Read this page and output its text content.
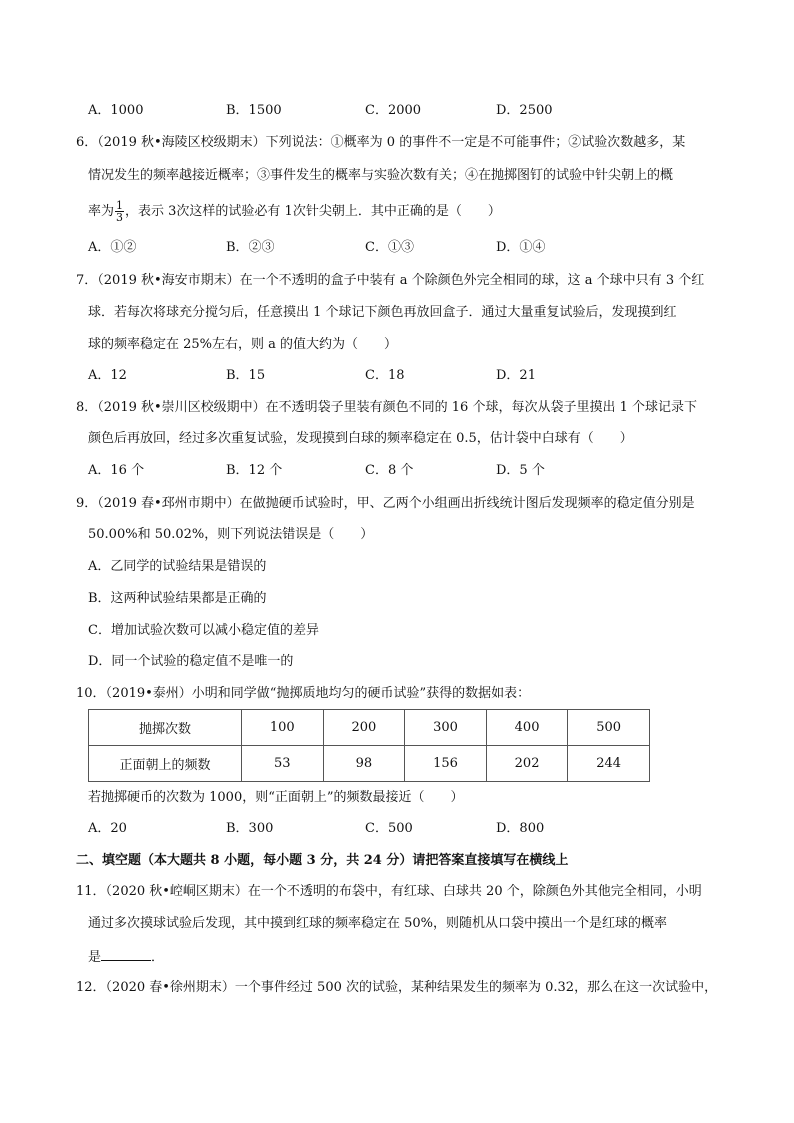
A．1000	B．1500	C．2000	D．2500
6．（2019 秋•海陵区校级期末）下列说法：①概率为 0 的事件不一定是不可能事件；②试验次数越多，某
情况发生的频率越接近概率；③事件发生的概率与实验次数有关；④在抛掷图钉的试验中针尖朝上的概
率为 $\frac{1}{3}$ ，表示 3次这样的试验必有 1次针尖朝上．其中正确的是（　　）
A．①②	B．②③	C．①③	D．①④
7．（2019 秋•海安市期末）在一个不透明的盒子中装有 a 个除颜色外完全相同的球，这 a 个球中只有 3 个红
球．若每次将球充分搅匀后，任意摸出 1 个球记下颜色再放回盒子．通过大量重复试验后，发现摸到红
球的频率稳定在 25%左右，则 a 的值大约为（　　）
A．12	B．15	C．18	D．21
8．（2019 秋•崇川区校级期中）在不透明袋子里装有颜色不同的 16 个球，每次从袋子里摸出 1 个球记录下
颜色后再放回，经过多次重复试验，发现摸到白球的频率稳定在 0.5，估计袋中白球有（　　）
A．16 个	B．12 个	C．8 个	D．5 个
9．（2019 春•邳州市期中）在做抛硬币试验时，甲、乙两个小组画出折线统计图后发现频率的稳定值分别是
50.00%和 50.02%，则下列说法错误是（　　）
A．乙同学的试验结果是错误的
B．这两种试验结果都是正确的
C．增加试验次数可以减小稳定值的差异
D．同一个试验的稳定值不是唯一的
10．（2019•泰州）小明和同学做“抛掷质地均匀的硬币试验”获得的数据如表：
抛掷次数	100	200	300	400	500
正面朝上的频数	53	98	156	202	244
若抛掷硬币的次数为 1000，则“正面朝上”的频数最接近（　　）
A．20	B．300	C．500	D．800
二、填空题（本大题共 8 小题，每小题 3 分，共 24 分）请把答案直接填写在横线上
11．（2020 秋•崆峒区期末）在一个不透明的布袋中，有红球、白球共 20 个，除颜色外其他完全相同，小明
通过多次摸球试验后发现，其中摸到红球的频率稳定在 50%，则随机从口袋中摸出一个是红球的概率
是	．
12．（2020 春•徐州期末）一个事件经过 500 次的试验，某种结果发生的频率为 0.32，那么在这一次试验中，
